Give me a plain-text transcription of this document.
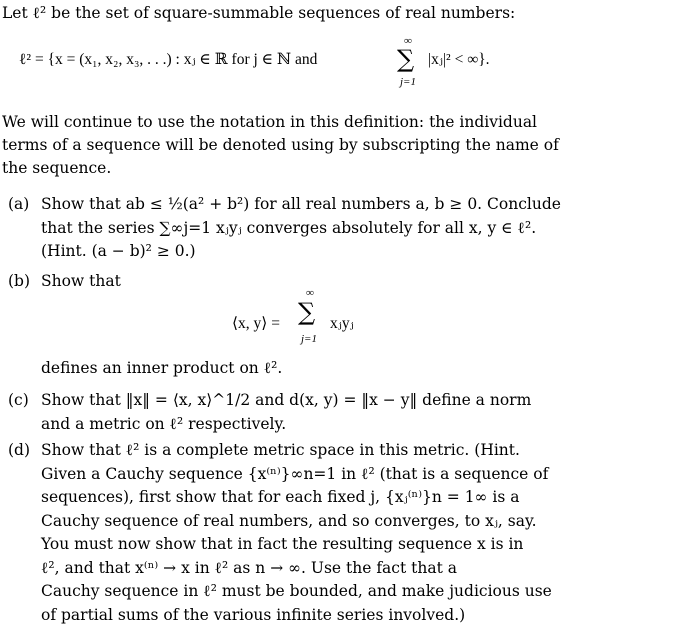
Let ℓ² be the set of square-summable sequences of real numbers:
ℓ² = {x = (x₁, x₂, x₃, . . .) : xⱼ ∈ ℝ for j ∈ ℕ and
∞
∑
j=1
|xⱼ|² < ∞}.
We will continue to use the notation in this definition: the individual
terms of a sequence will be denoted using by subscripting the name of
the sequence.
(a) Show that ab ≤ ½(a² + b²) for all real numbers a, b ≥ 0. Conclude
that the series ∑∞j=1 xⱼyⱼ converges absolutely for all x, y ∈ ℓ².
(Hint. (a − b)² ≥ 0.)
(b) Show that
⟨x, y⟩ =
∞
∑
j=1
xⱼyⱼ
defines an inner product on ℓ².
(c) Show that ‖x‖ = ⟨x, x⟩^1/2 and d(x, y) = ‖x − y‖ define a norm
and a metric on ℓ² respectively.
(d) Show that ℓ² is a complete metric space in this metric. (Hint.
Given a Cauchy sequence {x⁽ⁿ⁾}∞n=1 in ℓ² (that is a sequence of
sequences), first show that for each fixed j, {xⱼ⁽ⁿ⁾}n = 1∞ is a
Cauchy sequence of real numbers, and so converges, to xⱼ, say.
You must now show that in fact the resulting sequence x is in
ℓ², and that x⁽ⁿ⁾ → x in ℓ² as n → ∞. Use the fact that a
Cauchy sequence in ℓ² must be bounded, and make judicious use
of partial sums of the various infinite series involved.)
